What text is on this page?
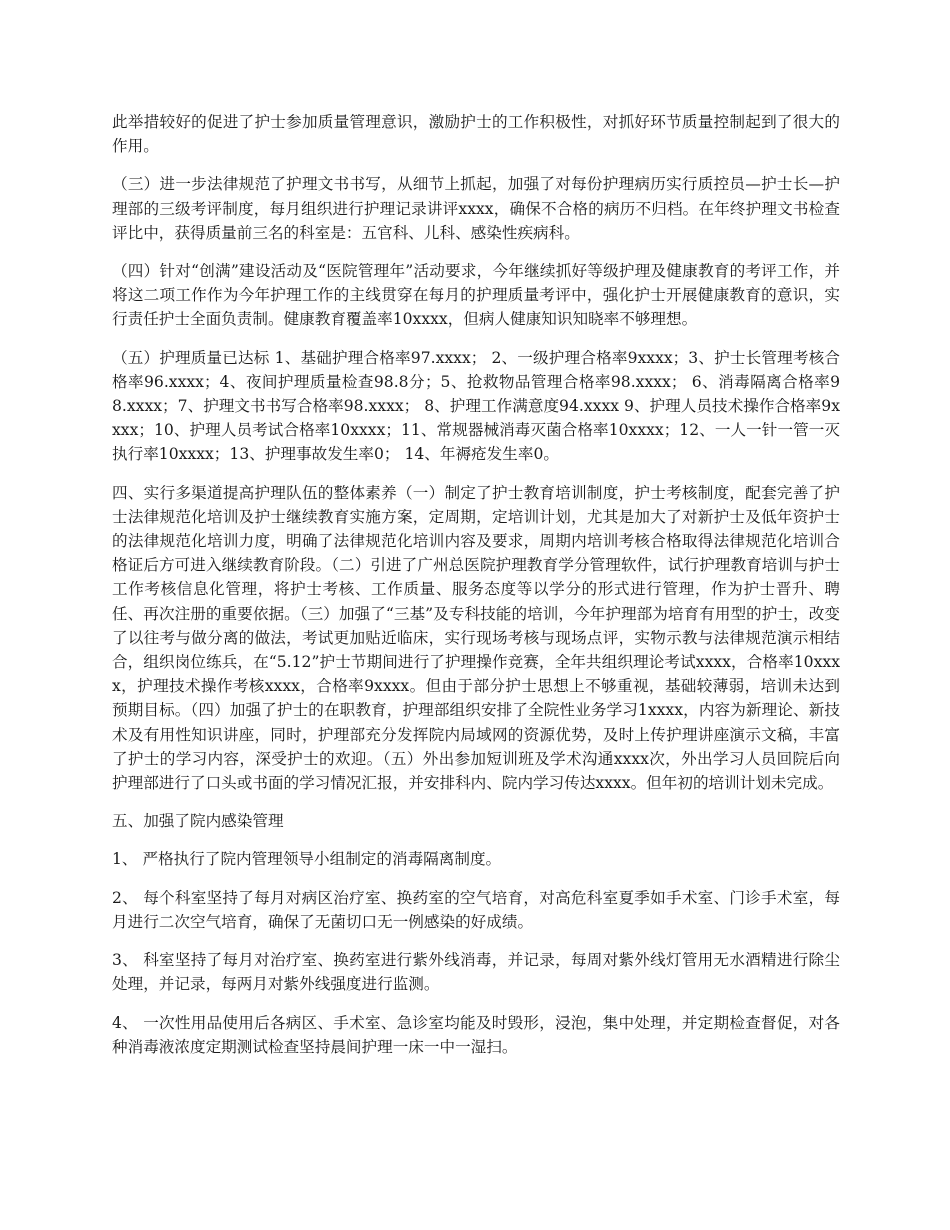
此举措较好的促进了护士参加质量管理意识，激励护士的工作积极性，对抓好环节质量控制起到了很大的作用。

（三）进一步法律规范了护理文书书写，从细节上抓起，加强了对每份护理病历实行质控员—护士长—护理部的三级考评制度，每月组织进行护理记录讲评xxxx，确保不合格的病历不归档。在年终护理文书检查评比中，获得质量前三名的科室是：五官科、儿科、感染性疾病科。

（四）针对“创满”建设活动及“医院管理年”活动要求，今年继续抓好等级护理及健康教育的考评工作，并将这二项工作作为今年护理工作的主线贯穿在每月的护理质量考评中，强化护士开展健康教育的意识，实行责任护士全面负责制。健康教育覆盖率10xxxx，但病人健康知识知晓率不够理想。

（五）护理质量已达标 1、基础护理合格率97.xxxx； 2、一级护理合格率9xxxx；3、护士长管理考核合格率96.xxxx；4、夜间护理质量检查98.8分；5、抢救物品管理合格率98.xxxx； 6、消毒隔离合格率98.xxxx；7、护理文书书写合格率98.xxxx； 8、护理工作满意度94.xxxx 9、护理人员技术操作合格率9xxxx；10、护理人员考试合格率10xxxx；11、常规器械消毒灭菌合格率10xxxx；12、一人一针一管一灭执行率10xxxx；13、护理事故发生率0； 14、年褥疮发生率0。

四、实行多渠道提高护理队伍的整体素养（一）制定了护士教育培训制度，护士考核制度，配套完善了护士法律规范化培训及护士继续教育实施方案，定周期，定培训计划，尤其是加大了对新护士及低年资护士的法律规范化培训力度，明确了法律规范化培训内容及要求，周期内培训考核合格取得法律规范化培训合格证后方可进入继续教育阶段。（二）引进了广州总医院护理教育学分管理软件，试行护理教育培训与护士工作考核信息化管理，将护士考核、工作质量、服务态度等以学分的形式进行管理，作为护士晋升、聘任、再次注册的重要依据。（三）加强了“三基”及专科技能的培训，今年护理部为培育有用型的护士，改变了以往考与做分离的做法，考试更加贴近临床，实行现场考核与现场点评，实物示教与法律规范演示相结合，组织岗位练兵，在“5.12”护士节期间进行了护理操作竞赛，全年共组织理论考试xxxx，合格率10xxxx，护理技术操作考核xxxx，合格率9xxxx。但由于部分护士思想上不够重视，基础较薄弱，培训未达到预期目标。（四）加强了护士的在职教育，护理部组织安排了全院性业务学习1xxxx，内容为新理论、新技术及有用性知识讲座，同时，护理部充分发挥院内局域网的资源优势，及时上传护理讲座演示文稿，丰富了护士的学习内容，深受护士的欢迎。（五）外出参加短训班及学术沟通xxxx次，外出学习人员回院后向护理部进行了口头或书面的学习情况汇报，并安排科内、院内学习传达xxxx。但年初的培训计划未完成。

五、加强了院内感染管理

1、 严格执行了院内管理领导小组制定的消毒隔离制度。

2、 每个科室坚持了每月对病区治疗室、换药室的空气培育，对高危科室夏季如手术室、门诊手术室，每月进行二次空气培育，确保了无菌切口无一例感染的好成绩。

3、 科室坚持了每月对治疗室、换药室进行紫外线消毒，并记录，每周对紫外线灯管用无水酒精进行除尘处理，并记录，每两月对紫外线强度进行监测。

4、 一次性用品使用后各病区、手术室、急诊室均能及时毁形，浸泡，集中处理，并定期检查督促，对各种消毒液浓度定期测试检查坚持晨间护理一床一中一湿扫。
